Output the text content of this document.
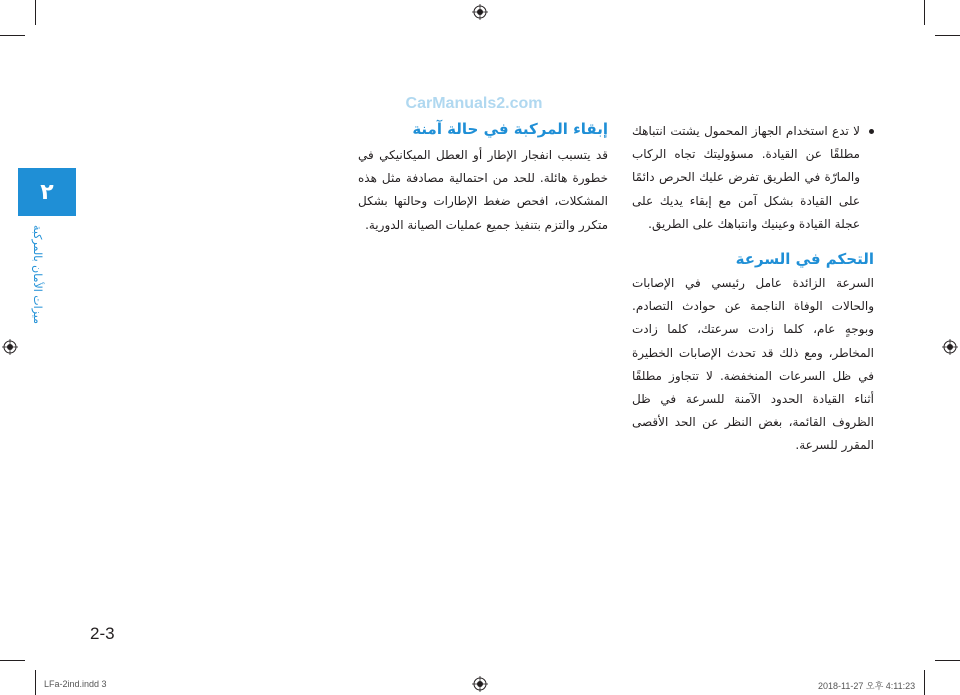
٢
ميزات الأمان بالمركبة
CarManuals2.com

لا تدع استخدام الجهاز المحمول يشتت انتباهك مطلقًا عن القيادة. مسؤوليتك تجاه الركاب والمارّة في الطريق تفرض عليك الحرص دائمًا على القيادة بشكل آمن مع إبقاء يديك على عجلة القيادة وعينيك وانتباهك على الطريق.

التحكم في السرعة

السرعة الزائدة عامل رئيسي في الإصابات والحالات الوفاة الناجمة عن حوادث التصادم. وبوجهٍ عام، كلما زادت سرعتك، كلما زادت المخاطر، ومع ذلك قد تحدث الإصابات الخطيرة في ظل السرعات المنخفضة. لا تتجاوز مطلقًا أثناء القيادة الحدود الآمنة للسرعة في ظل الظروف القائمة، بغض النظر عن الحد الأقصى المقرر للسرعة.

إبقاء المركبة في حالة آمنة

قد يتسبب انفجار الإطار أو العطل الميكانيكي في خطورة هائلة. للحد من احتمالية مصادفة مثل هذه المشكلات، افحص ضغط الإطارات وحالتها بشكل متكرر والتزم بتنفيذ جميع عمليات الصيانة الدورية.

2-3
LFa-2ind.indd 3	2018-11-27 오후 4:11:23
